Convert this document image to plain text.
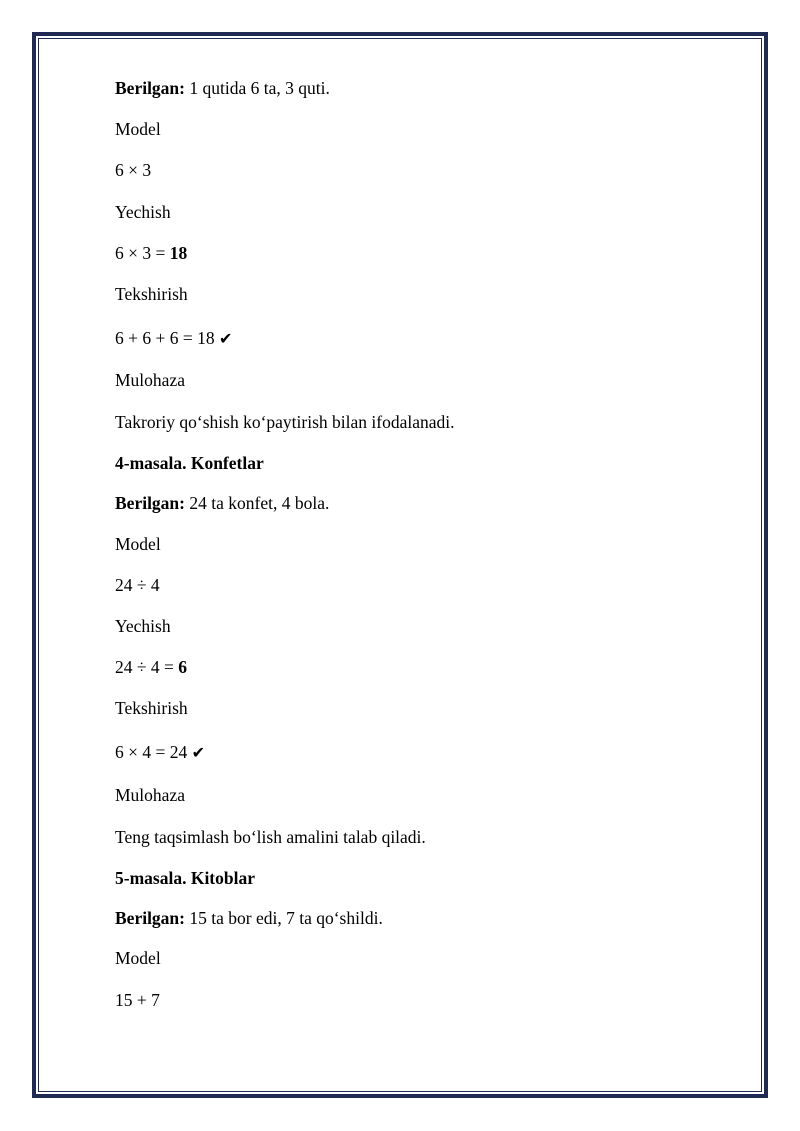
Berilgan: 1 qutida 6 ta, 3 quti.
Model
6 × 3
Yechish
6 × 3 = 18
Tekshirish
6 + 6 + 6 = 18 ✔
Mulohaza
Takroriy qo‘shish ko‘paytirish bilan ifodalanadi.
4-masala. Konfetlar
Berilgan: 24 ta konfet, 4 bola.
Model
24 ÷ 4
Yechish
24 ÷ 4 = 6
Tekshirish
6 × 4 = 24 ✔
Mulohaza
Teng taqsimlash bo‘lish amalini talab qiladi.
5-masala. Kitoblar
Berilgan: 15 ta bor edi, 7 ta qo‘shildi.
Model
15 + 7
